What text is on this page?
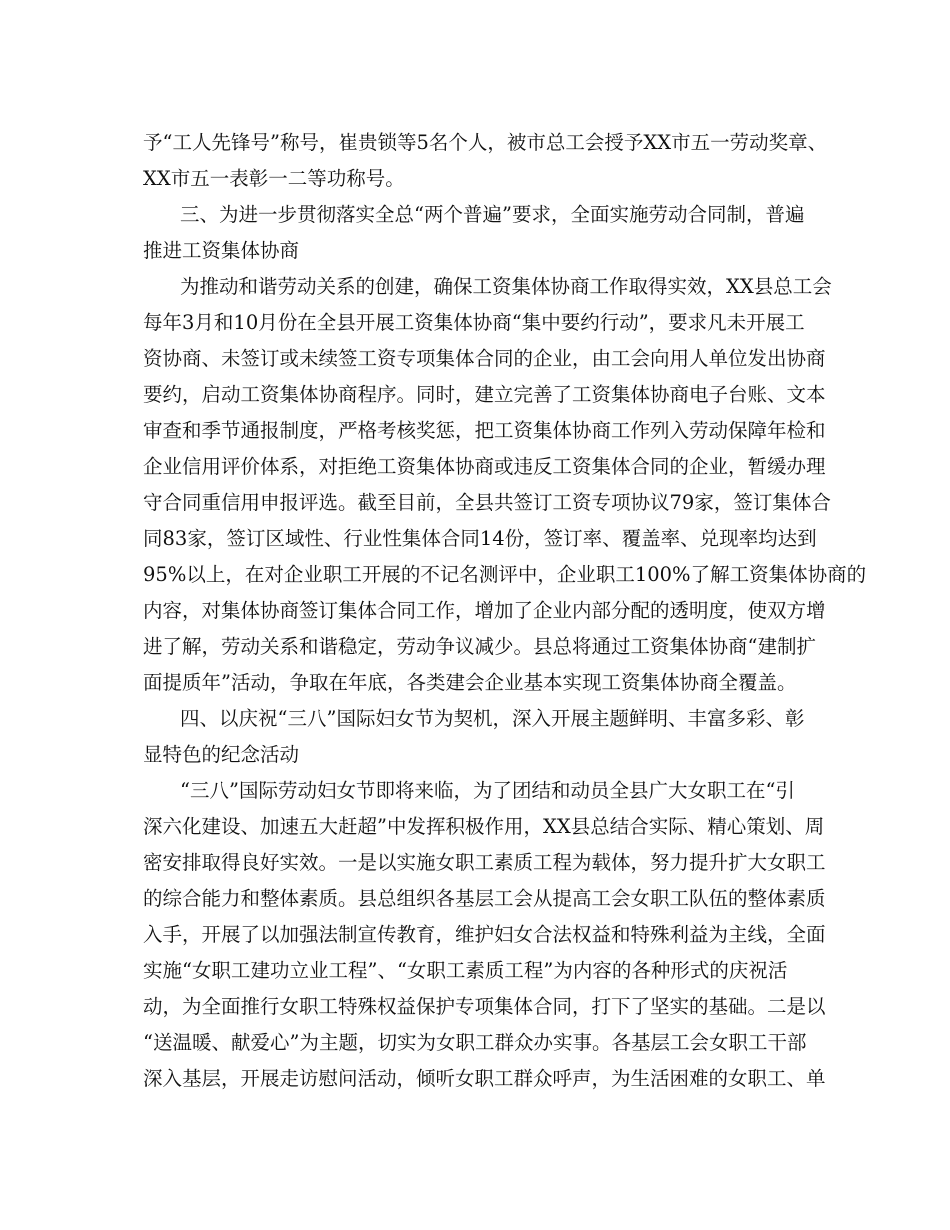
予“工人先锋号”称号，崔贵锁等5名个人，被市总工会授予XX市五一劳动奖章、
XX市五一表彰一二等功称号。
三、为进一步贯彻落实全总“两个普遍”要求，全面实施劳动合同制，普遍
推进工资集体协商
为推动和谐劳动关系的创建，确保工资集体协商工作取得实效，XX县总工会
每年3月和10月份在全县开展工资集体协商“集中要约行动”，要求凡未开展工
资协商、未签订或未续签工资专项集体合同的企业，由工会向用人单位发出协商
要约，启动工资集体协商程序。同时，建立完善了工资集体协商电子台账、文本
审查和季节通报制度，严格考核奖惩，把工资集体协商工作列入劳动保障年检和
企业信用评价体系，对拒绝工资集体协商或违反工资集体合同的企业，暂缓办理
守合同重信用申报评选。截至目前，全县共签订工资专项协议79家，签订集体合
同83家，签订区域性、行业性集体合同14份，签订率、覆盖率、兑现率均达到
95%以上，在对企业职工开展的不记名测评中，企业职工100%了解工资集体协商的
内容，对集体协商签订集体合同工作，增加了企业内部分配的透明度，使双方增
进了解，劳动关系和谐稳定，劳动争议减少。县总将通过工资集体协商“建制扩
面提质年”活动，争取在年底，各类建会企业基本实现工资集体协商全覆盖。
四、以庆祝“三八”国际妇女节为契机，深入开展主题鲜明、丰富多彩、彰
显特色的纪念活动
“三八”国际劳动妇女节即将来临，为了团结和动员全县广大女职工在“引
深六化建设、加速五大赶超”中发挥积极作用，XX县总结合实际、精心策划、周
密安排取得良好实效。一是以实施女职工素质工程为载体，努力提升扩大女职工
的综合能力和整体素质。县总组织各基层工会从提高工会女职工队伍的整体素质
入手，开展了以加强法制宣传教育，维护妇女合法权益和特殊利益为主线，全面
实施“女职工建功立业工程”、“女职工素质工程”为内容的各种形式的庆祝活
动，为全面推行女职工特殊权益保护专项集体合同，打下了坚实的基础。二是以
“送温暖、献爱心”为主题，切实为女职工群众办实事。各基层工会女职工干部
深入基层，开展走访慰问活动，倾听女职工群众呼声，为生活困难的女职工、单
